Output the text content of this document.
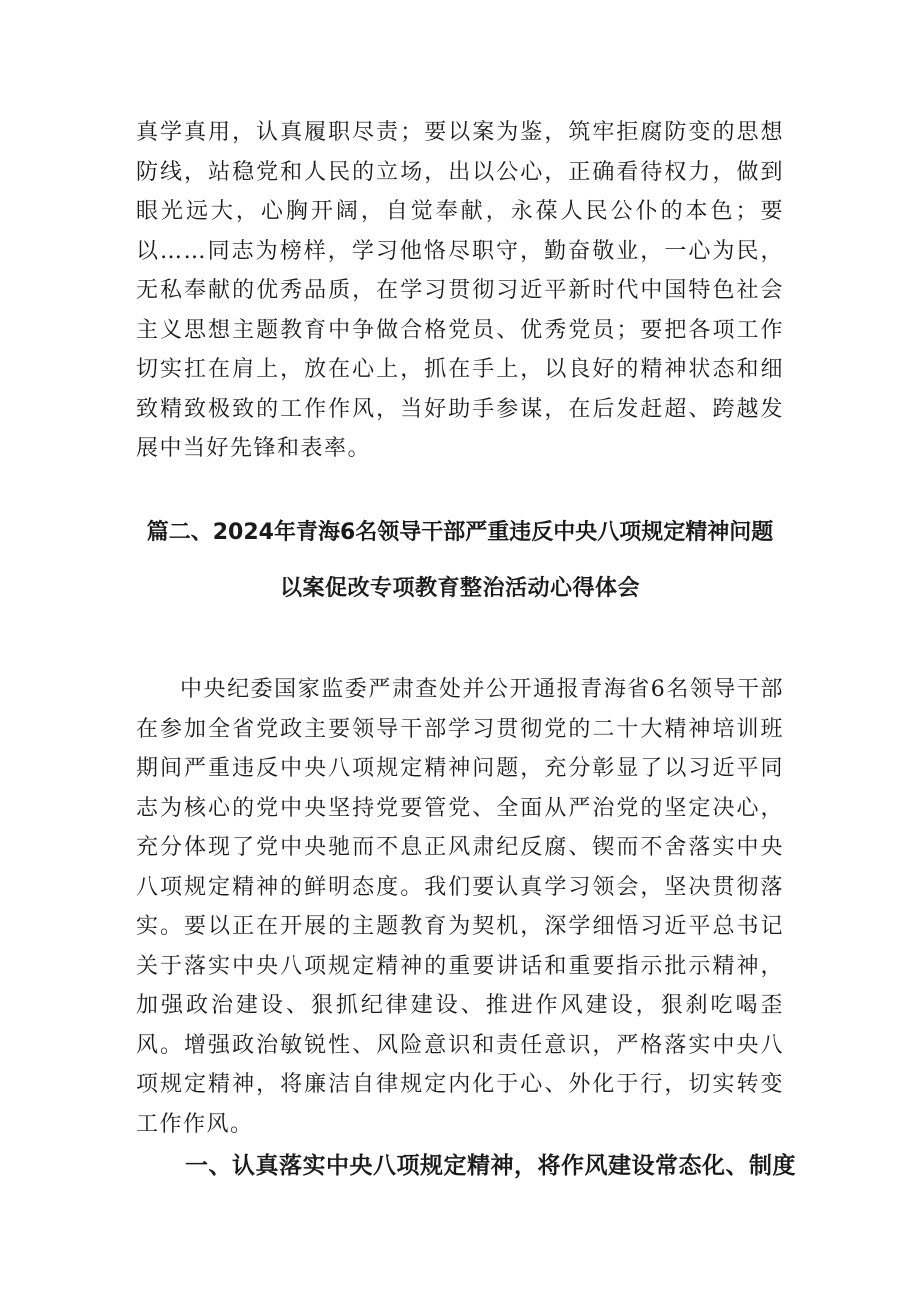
真学真用，认真履职尽责；要以案为鉴，筑牢拒腐防变的思想防线，站稳党和人民的立场，出以公心，正确看待权力，做到眼光远大，心胸开阔，自觉奉献，永葆人民公仆的本色；要以……同志为榜样，学习他恪尽职守，勤奋敬业，一心为民，无私奉献的优秀品质，在学习贯彻习近平新时代中国特色社会主义思想主题教育中争做合格党员、优秀党员；要把各项工作切实扛在肩上，放在心上，抓在手上，以良好的精神状态和细致精致极致的工作作风，当好助手参谋，在后发赶超、跨越发展中当好先锋和表率。

篇二、2024年青海6名领导干部严重违反中央八项规定精神问题
以案促改专项教育整治活动心得体会

中央纪委国家监委严肃查处并公开通报青海省6名领导干部在参加全省党政主要领导干部学习贯彻党的二十大精神培训班期间严重违反中央八项规定精神问题，充分彰显了以习近平同志为核心的党中央坚持党要管党、全面从严治党的坚定决心，充分体现了党中央驰而不息正风肃纪反腐、锲而不舍落实中央八项规定精神的鲜明态度。我们要认真学习领会，坚决贯彻落实。要以正在开展的主题教育为契机，深学细悟习近平总书记关于落实中央八项规定精神的重要讲话和重要指示批示精神，加强政治建设、狠抓纪律建设、推进作风建设，狠刹吃喝歪风。增强政治敏锐性、风险意识和责任意识，严格落实中央八项规定精神，将廉洁自律规定内化于心、外化于行，切实转变工作作风。

一、认真落实中央八项规定精神，将作风建设常态化、制度
